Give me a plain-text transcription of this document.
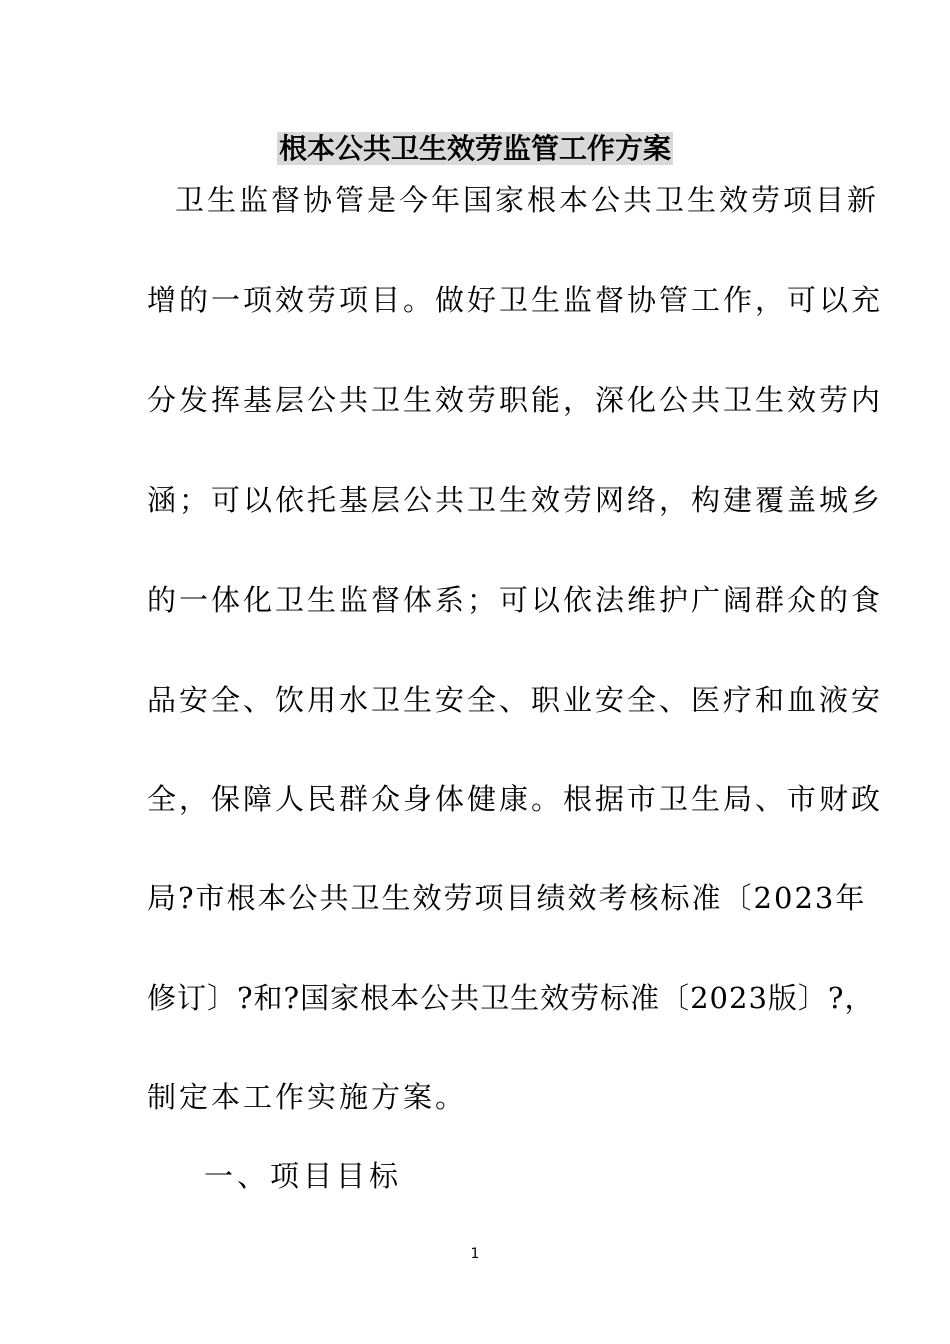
根本公共卫生效劳监管工作方案
卫生监督协管是今年国家根本公共卫生效劳项目新
增的一项效劳项目。做好卫生监督协管工作，可以充
分发挥基层公共卫生效劳职能，深化公共卫生效劳内
涵；可以依托基层公共卫生效劳网络，构建覆盖城乡
的一体化卫生监督体系；可以依法维护广阔群众的食
品安全、饮用水卫生安全、职业安全、医疗和血液安
全，保障人民群众身体健康。根据市卫生局、市财政
局?市根本公共卫生效劳项目绩效考核标准〔2023年
修订〕?和?国家根本公共卫生效劳标准〔2023版〕?，
制定本工作实施方案。
一、项目目标
1
